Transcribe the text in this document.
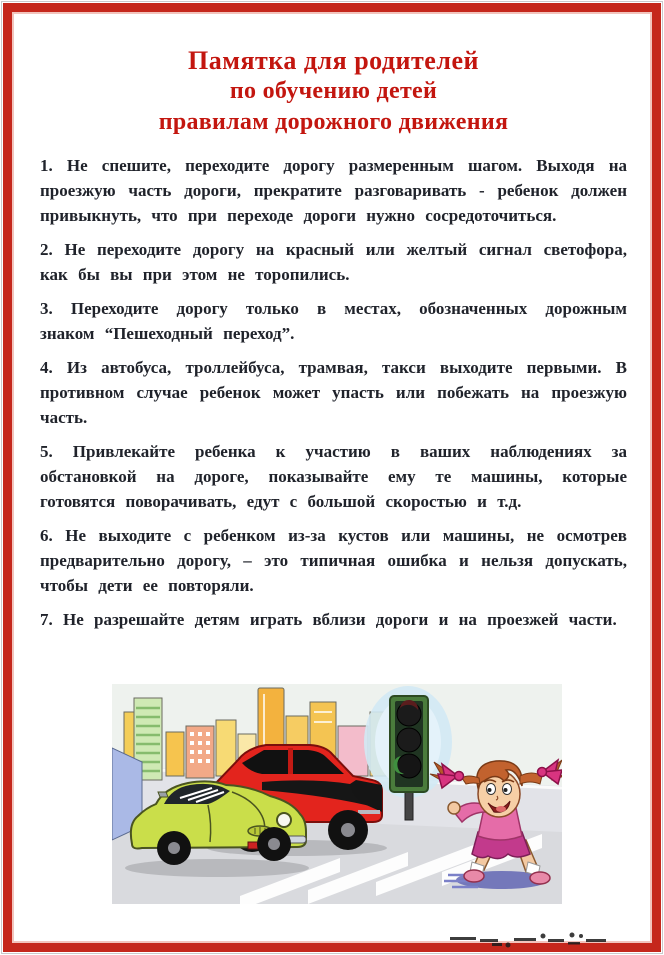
Памятка для родителей
по обучению детей
правилам дорожного движения

1. Не спешите, переходите дорогу размеренным шагом. Выходя на проезжую часть дороги, прекратите разговаривать - ребенок должен привыкнуть, что при переходе дороги нужно сосредоточиться.

2. Не переходите дорогу на красный или желтый сигнал светофора, как бы вы при этом не торопились.

3. Переходите дорогу только в местах, обозначенных дорожным знаком “Пешеходный переход”.

4. Из автобуса, троллейбуса, трамвая, такси выходите первыми. В противном случае ребенок может упасть или побежать на проезжую часть.

5. Привлекайте ребенка к участию в ваших наблюдениях за обстановкой на дороге, показывайте ему те машины, которые готовятся поворачивать, едут с большой скоростью и т.д.

6. Не выходите с ребенком из-за кустов или машины, не осмотрев предварительно дорогу, – это типичная ошибка и нельзя допускать, чтобы дети ее повторяли.

7. Не разрешайте детям играть вблизи дороги и на проезжей части.
